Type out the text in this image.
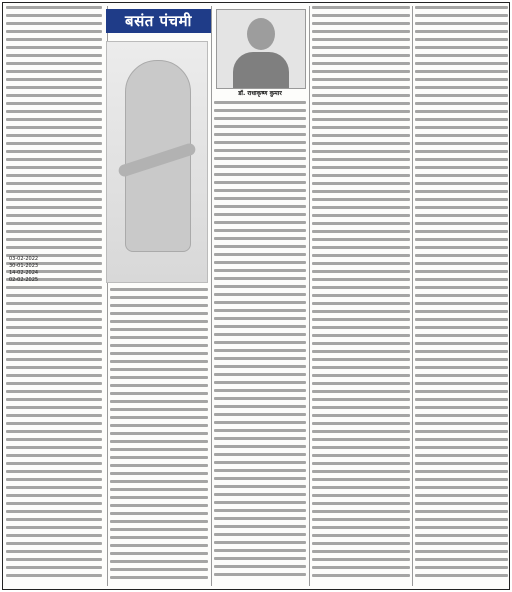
03-02-2022
30-01-2023
14-02-2024
02-02-2025
बसंत पंचमी
डॉ. राधाकृष्ण कुमार
